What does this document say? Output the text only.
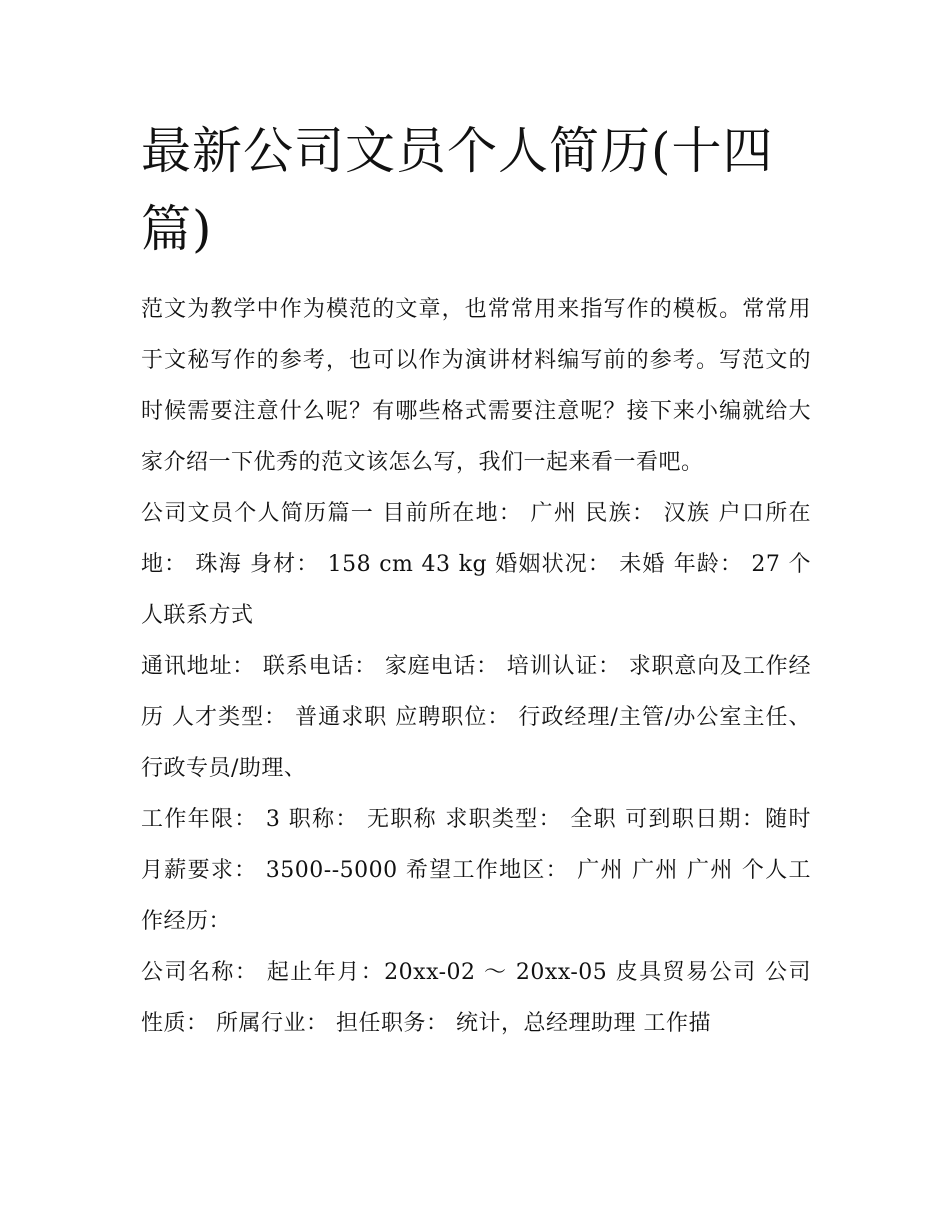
最新公司文员个人简历(十四篇)

范文为教学中作为模范的文章，也常常用来指写作的模板。常常用于文秘写作的参考，也可以作为演讲材料编写前的参考。写范文的时候需要注意什么呢？有哪些格式需要注意呢？接下来小编就给大家介绍一下优秀的范文该怎么写，我们一起来看一看吧。

公司文员个人简历篇一 目前所在地： 广州 民族： 汉族 户口所在地： 珠海 身材： 158 cm 43 kg 婚姻状况： 未婚 年龄： 27 个人联系方式

通讯地址： 联系电话： 家庭电话： 培训认证： 求职意向及工作经历 人才类型： 普通求职 应聘职位： 行政经理/主管/办公室主任、行政专员/助理、

工作年限： 3 职称： 无职称 求职类型： 全职 可到职日期：随时 月薪要求： 3500--5000 希望工作地区： 广州 广州 广州 个人工作经历：

公司名称： 起止年月：20xx-02 ～ 20xx-05 皮具贸易公司 公司性质： 所属行业： 担任职务： 统计，总经理助理 工作描
